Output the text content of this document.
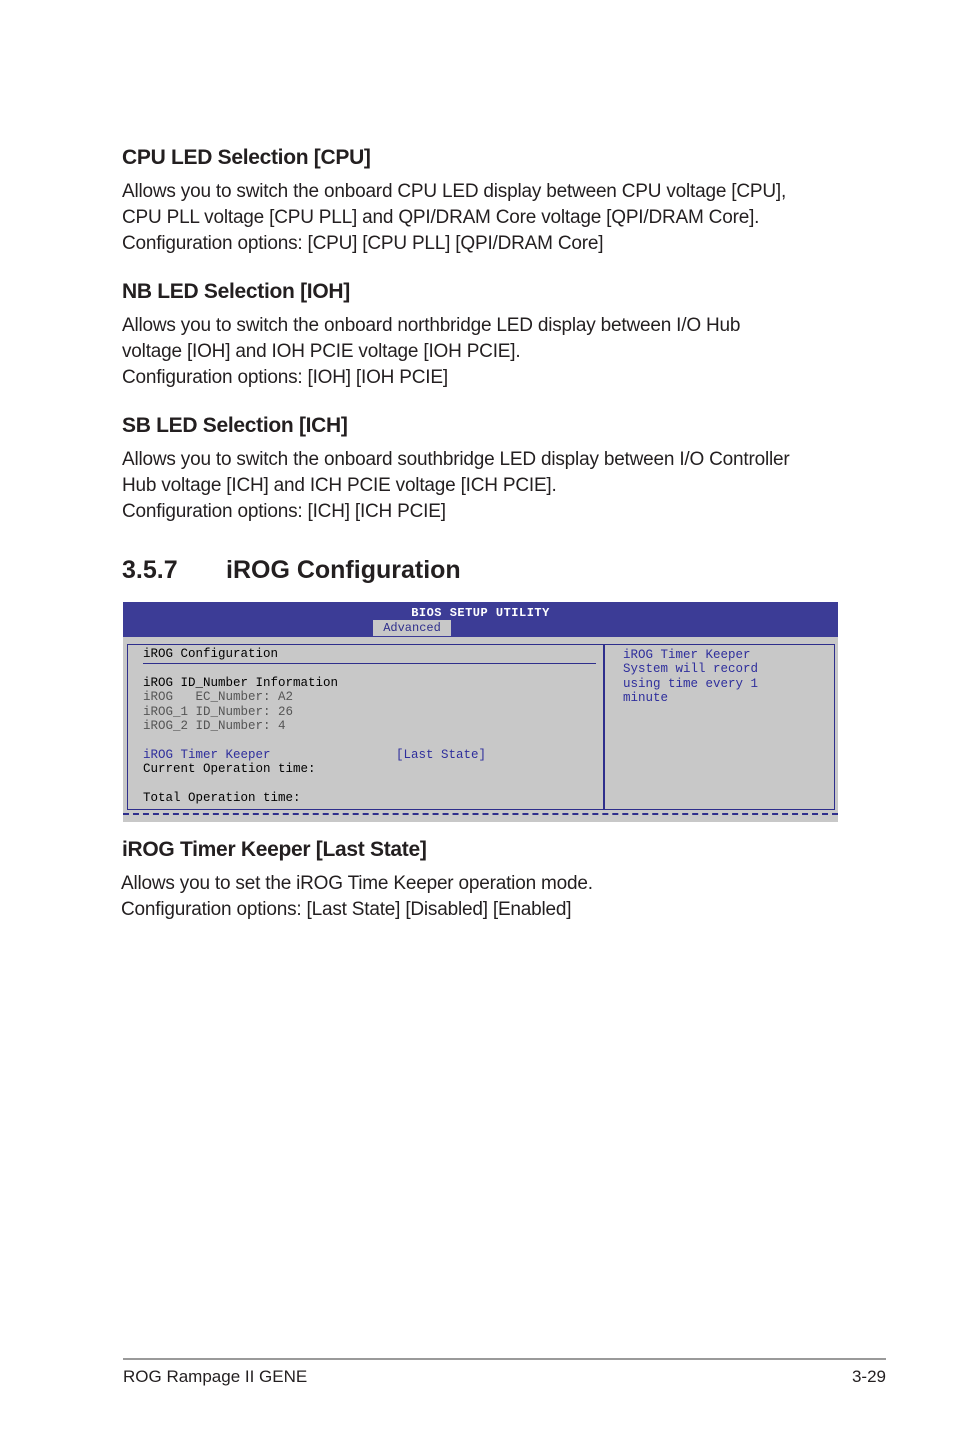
CPU LED Selection [CPU]

Allows you to switch the onboard CPU LED display between CPU voltage [CPU],
CPU PLL voltage [CPU PLL] and QPI/DRAM Core voltage [QPI/DRAM Core].
Configuration options: [CPU] [CPU PLL] [QPI/DRAM Core]

NB LED Selection [IOH]

Allows you to switch the onboard northbridge LED display between I/O Hub
voltage [IOH] and IOH PCIE voltage [IOH PCIE].
Configuration options: [IOH] [IOH PCIE]

SB LED Selection [ICH]

Allows you to switch the onboard southbridge LED display between I/O Controller
Hub voltage [ICH] and ICH PCIE voltage [ICH PCIE].
Configuration options: [ICH] [ICH PCIE]

3.5.7 iROG Configuration
BIOS SETUP UTILITY
Advanced
iROG Configuration
iROG ID_Number Information
iROG   EC_Number: A2
iROG_1 ID_Number: 26
iROG_2 ID_Number: 4
iROG Timer Keeper	[Last State]
Current Operation time:
Total Operation time:
iROG Timer Keeper
System will record
using time every 1
minute
iROG Timer Keeper [Last State]

Allows you to set the iROG Time Keeper operation mode.
Configuration options: [Last State] [Disabled] [Enabled]

ROG Rampage II GENE	3-29
